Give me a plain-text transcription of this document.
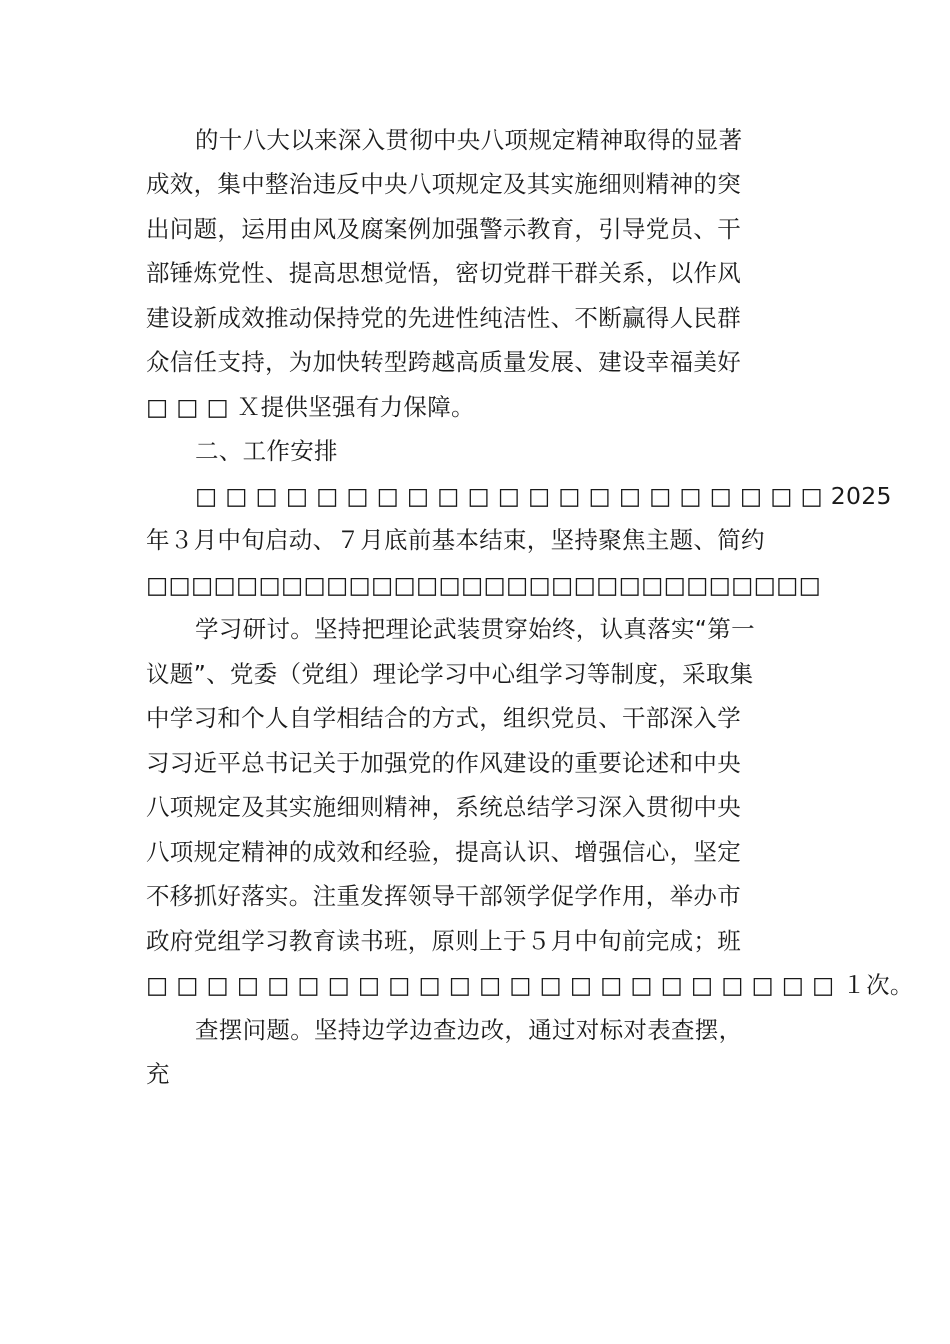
的十八大以来深入贯彻中央八项规定精神取得的显著
成效，集中整治违反中央八项规定及其实施细则精神的突
出问题，运用由风及腐案例加强警示教育，引导党员、干
部锤炼党性、提高思想觉悟，密切党群干群关系，以作风
建设新成效推动保持党的先进性纯洁性、不断赢得人民群
众信任支持，为加快转型跨越高质量发展、建设幸福美好
□ □ □ Ｘ提供坚强有力保障。
二、工作安排
□ □ □ □ □ □ □ □ □ □ □ □ □ □ □ □ □ □ □ □ □ 2025
年３月中旬启动、７月底前基本结束，坚持聚焦主题、简约
□□□□□□□□□□□□□□□□□□□□□□□□□□□□□□
学习研讨。坚持把理论武装贯穿始终，认真落实“第一
议题”、党委（党组）理论学习中心组学习等制度，采取集
中学习和个人自学相结合的方式，组织党员、干部深入学
习习近平总书记关于加强党的作风建设的重要论述和中央
八项规定及其实施细则精神，系统总结学习深入贯彻中央
八项规定精神的成效和经验，提高认识、增强信心，坚定
不移抓好落实。注重发挥领导干部领学促学作用，举办市
政府党组学习教育读书班，原则上于５月中旬前完成；班
□ □ □ □ □ □ □ □ □ □ □ □ □ □ □ □ □ □ □ □ □ □ □ １次。
查摆问题。坚持边学边查边改，通过对标对表查摆，
充
